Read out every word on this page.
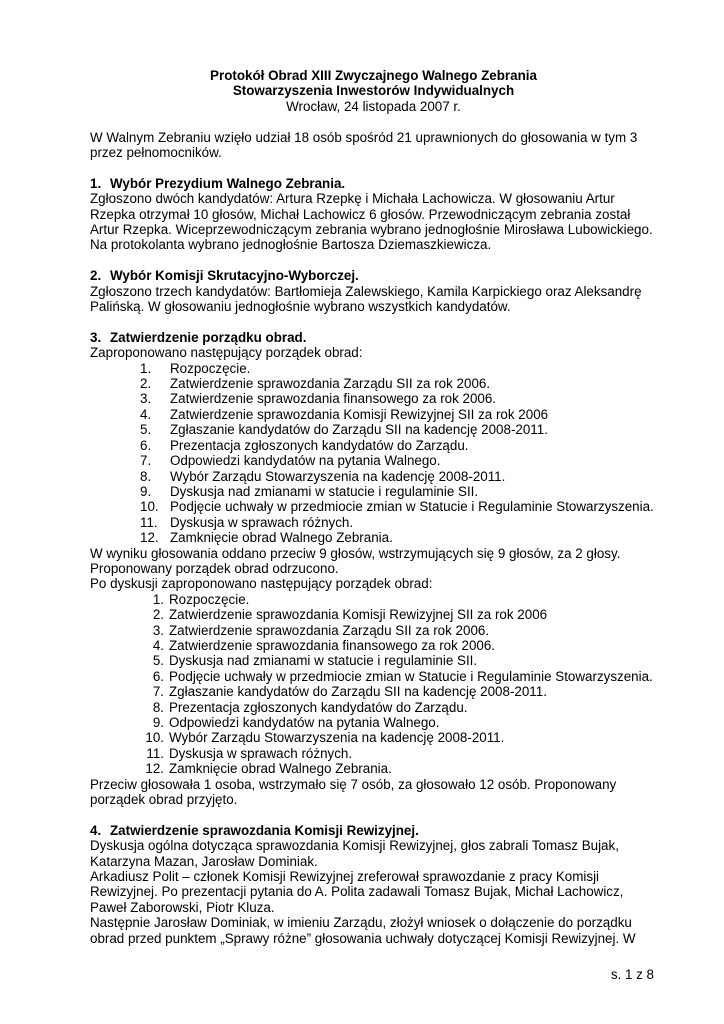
Protokół Obrad XIII Zwyczajnego Walnego Zebrania
Stowarzyszenia Inwestorów Indywidualnych
Wrocław, 24 listopada 2007 r.

W Walnym Zebraniu wzięło udział 18 osób spośród 21 uprawnionych do głosowania w tym 3

przez pełnomocników.

1. Wybór Prezydium Walnego Zebrania.

Zgłoszono dwóch kandydatów: Artura Rzepkę i Michała Lachowicza. W głosowaniu Artur

Rzepka otrzymał 10 głosów, Michał Lachowicz 6 głosów. Przewodniczącym zebrania został

Artur Rzepka. Wiceprzewodniczącym zebrania wybrano jednogłośnie Mirosława Lubowickiego.

Na protokolanta wybrano jednogłośnie Bartosza Dziemaszkiewicza.

2. Wybór Komisji Skrutacyjno-Wyborczej.

Zgłoszono trzech kandydatów: Bartłomieja Zalewskiego, Kamila Karpickiego oraz Aleksandrę

Palińską. W głosowaniu jednogłośnie wybrano wszystkich kandydatów.

3. Zatwierdzenie porządku obrad.

Zaproponowano następujący porządek obrad:

1.	Rozpoczęcie.
2.	Zatwierdzenie sprawozdania Zarządu SII za rok 2006.
3.	Zatwierdzenie sprawozdania finansowego za rok 2006.
4.	Zatwierdzenie sprawozdania Komisji Rewizyjnej SII za rok 2006
5.	Zgłaszanie kandydatów do Zarządu SII na kadencję 2008-2011.
6.	Prezentacja zgłoszonych kandydatów do Zarządu.
7.	Odpowiedzi kandydatów na pytania Walnego.
8.	Wybór Zarządu Stowarzyszenia na kadencję 2008-2011.
9.	Dyskusja nad zmianami w statucie i regulaminie SII.
10. Podjęcie uchwały w przedmiocie zmian w Statucie i Regulaminie Stowarzyszenia.
11. Dyskusja w sprawach różnych.
12. Zamknięcie obrad Walnego Zebrania.

W wyniku głosowania oddano przeciw 9 głosów, wstrzymujących się 9 głosów, za 2 głosy.

Proponowany porządek obrad odrzucono.

Po dyskusji zaproponowano następujący porządek obrad:

1. Rozpoczęcie.
2. Zatwierdzenie sprawozdania Komisji Rewizyjnej SII za rok 2006
3. Zatwierdzenie sprawozdania Zarządu SII za rok 2006.
4. Zatwierdzenie sprawozdania finansowego za rok 2006.
5. Dyskusja nad zmianami w statucie i regulaminie SII.
6. Podjęcie uchwały w przedmiocie zmian w Statucie i Regulaminie Stowarzyszenia.
7. Zgłaszanie kandydatów do Zarządu SII na kadencję 2008-2011.
8. Prezentacja zgłoszonych kandydatów do Zarządu.
9. Odpowiedzi kandydatów na pytania Walnego.
10. Wybór Zarządu Stowarzyszenia na kadencję 2008-2011.
11. Dyskusja w sprawach różnych.
12. Zamknięcie obrad Walnego Zebrania.

Przeciw głosowała 1 osoba, wstrzymało się 7 osób, za głosowało 12 osób. Proponowany

porządek obrad przyjęto.

4. Zatwierdzenie sprawozdania Komisji Rewizyjnej.

Dyskusja ogólna dotycząca sprawozdania Komisji Rewizyjnej, głos zabrali Tomasz Bujak,

Katarzyna Mazan, Jarosław Dominiak.

Arkadiusz Polit – członek Komisji Rewizyjnej zreferował sprawozdanie z pracy Komisji

Rewizyjnej. Po prezentacji pytania do A. Polita zadawali Tomasz Bujak, Michał Lachowicz,

Paweł Zaborowski, Piotr Kluza.

Następnie Jarosław Dominiak, w imieniu Zarządu, złożył wniosek o dołączenie do porządku

obrad przed punktem „Sprawy różne” głosowania uchwały dotyczącej Komisji Rewizyjnej. W

s. 1 z 8
